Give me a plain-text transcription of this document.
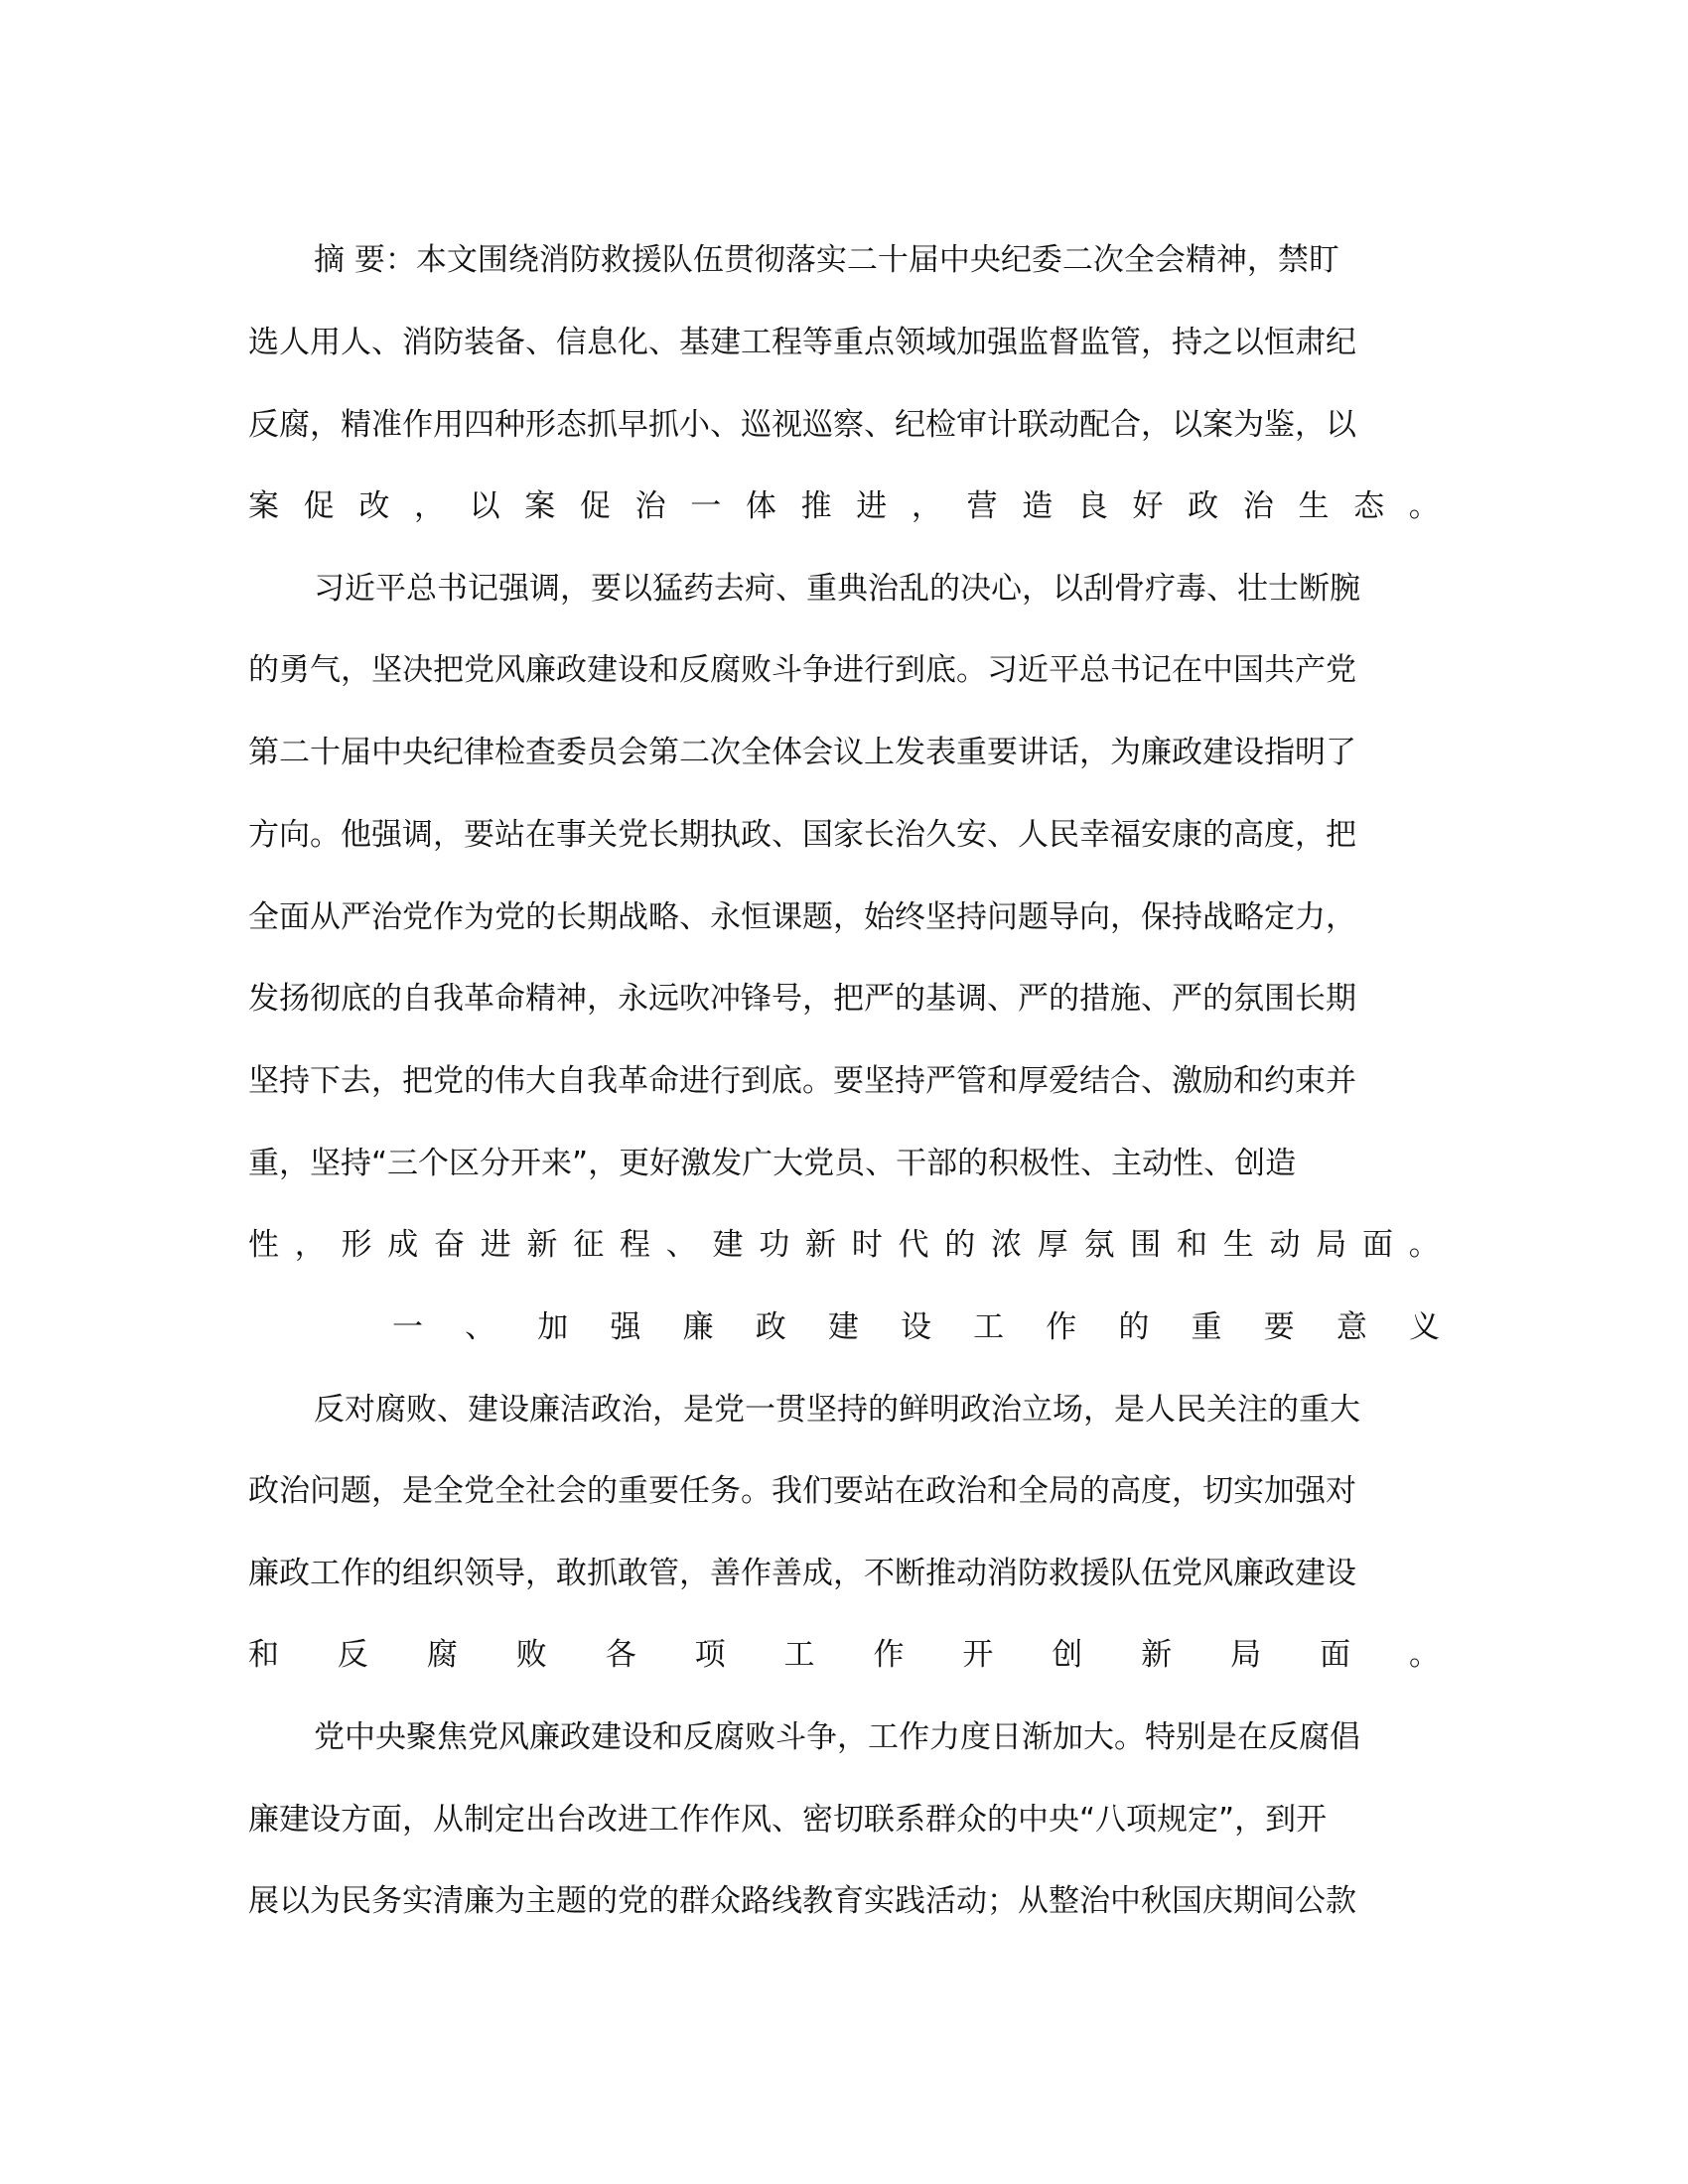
摘 要：本文围绕消防救援队伍贯彻落实二十届中央纪委二次全会精神，禁盯
选人用人、消防装备、信息化、基建工程等重点领域加强监督监管，持之以恒肃纪
反腐，精准作用四种形态抓早抓小、巡视巡察、纪检审计联动配合，以案为鉴，以
案 促 改 ， 以 案 促 治 一 体 推 进 ， 营 造 良 好 政 治 生 态 。
习近平总书记强调，要以猛药去疴、重典治乱的决心，以刮骨疗毒、壮士断腕
的勇气，坚决把党风廉政建设和反腐败斗争进行到底。习近平总书记在中国共产党
第二十届中央纪律检查委员会第二次全体会议上发表重要讲话，为廉政建设指明了
方向。他强调，要站在事关党长期执政、国家长治久安、人民幸福安康的高度，把
全面从严治党作为党的长期战略、永恒课题，始终坚持问题导向，保持战略定力，
发扬彻底的自我革命精神，永远吹冲锋号，把严的基调、严的措施、严的氛围长期
坚持下去，把党的伟大自我革命进行到底。要坚持严管和厚爱结合、激励和约束并
重，坚持“三个区分开来”，更好激发广大党员、干部的积极性、主动性、创造
性 ， 形 成 奋 进 新 征 程 、 建 功 新 时 代 的 浓 厚 氛 围 和 生 动 局 面 。
一 、 加 强 廉 政 建 设 工 作 的 重 要 意 义
反对腐败、建设廉洁政治，是党一贯坚持的鲜明政治立场，是人民关注的重大
政治问题，是全党全社会的重要任务。我们要站在政治和全局的高度，切实加强对
廉政工作的组织领导，敢抓敢管，善作善成，不断推动消防救援队伍党风廉政建设
和 反 腐 败 各 项 工 作 开 创 新 局 面 。
党中央聚焦党风廉政建设和反腐败斗争，工作力度日渐加大。特别是在反腐倡
廉建设方面，从制定出台改进工作作风、密切联系群众的中央“八项规定”，到开
展以为民务实清廉为主题的党的群众路线教育实践活动；从整治中秋国庆期间公款
